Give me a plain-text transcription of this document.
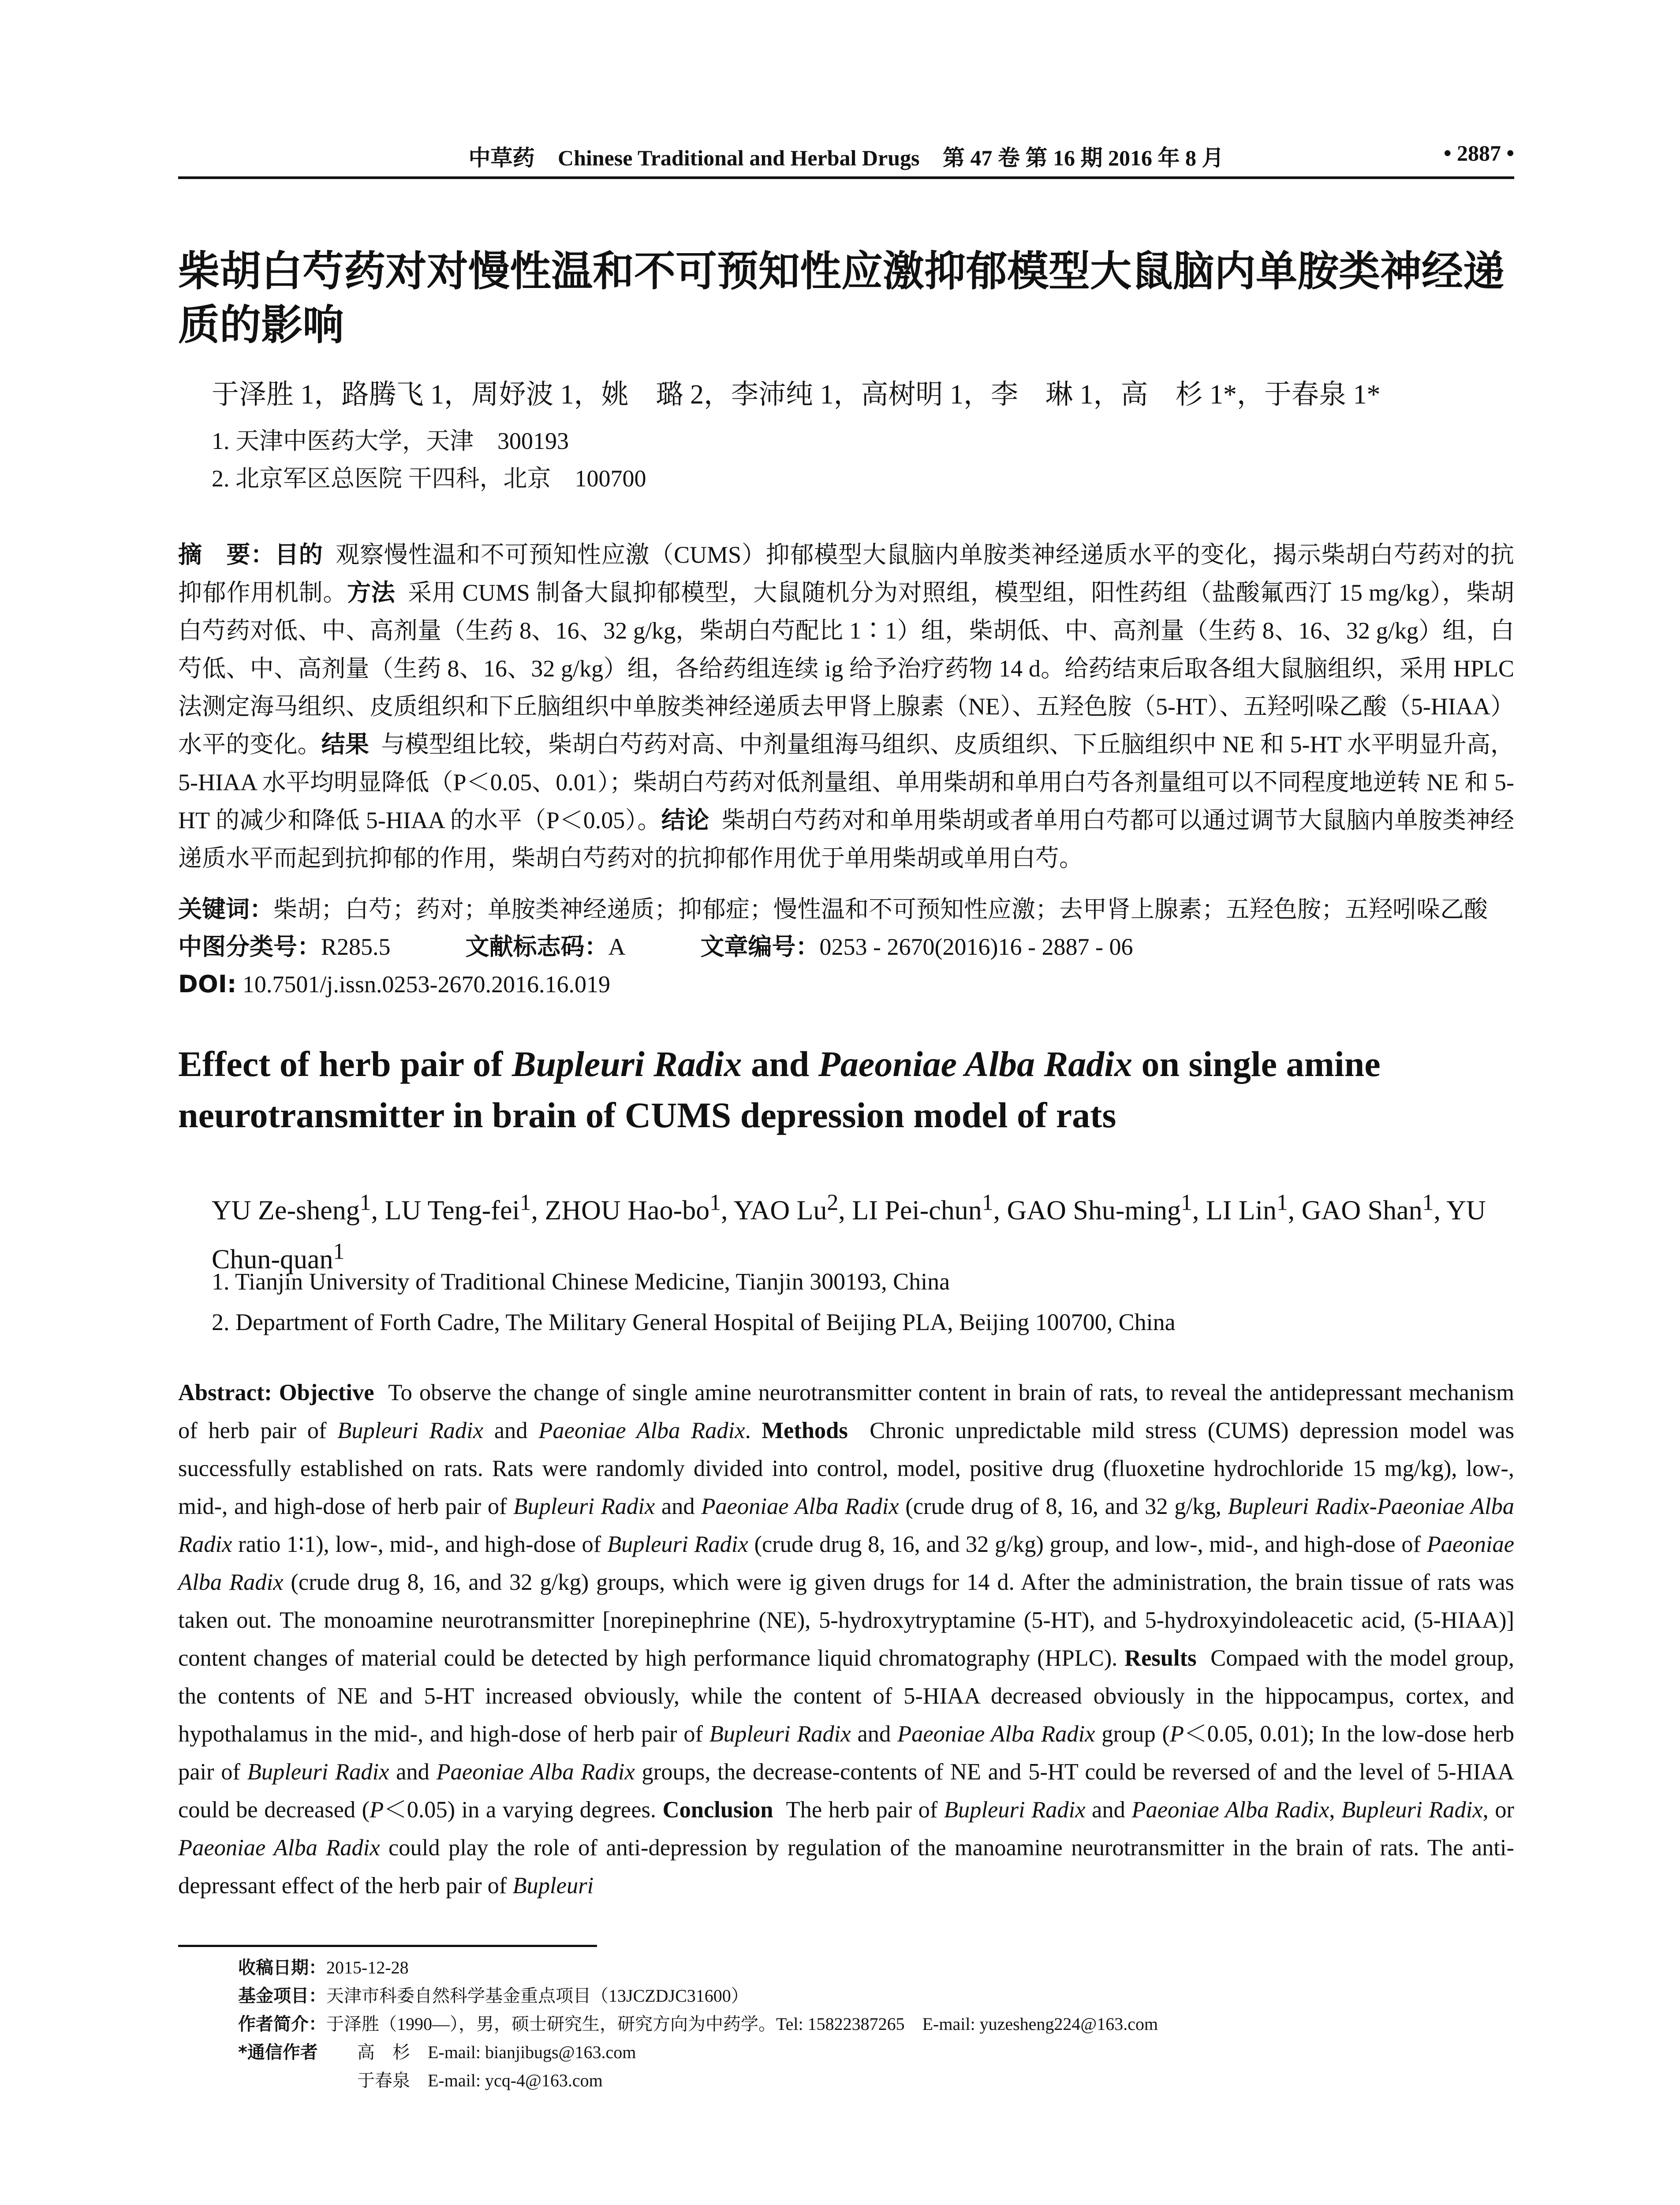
中草药 Chinese Traditional and Herbal Drugs 第 47 卷 第 16 期 2016 年 8 月	• 2887 •
柴胡白芍药对对慢性温和不可预知性应激抑郁模型大鼠脑内单胺类神经递质的影响
于泽胜 1，路腾飞 1，周妤波 1，姚　璐 2，李沛纯 1，高树明 1，李　琳 1，高　杉 1*，于春泉 1*
1. 天津中医药大学，天津　300193
2. 北京军区总医院 干四科，北京　100700
摘　要：目的 观察慢性温和不可预知性应激（CUMS）抑郁模型大鼠脑内单胺类神经递质水平的变化，揭示柴胡白芍药对的抗抑郁作用机制。方法 采用 CUMS 制备大鼠抑郁模型，大鼠随机分为对照组，模型组，阳性药组（盐酸氟西汀 15 mg/kg），柴胡白芍药对低、中、高剂量（生药 8、16、32 g/kg，柴胡白芍配比 1∶1）组，柴胡低、中、高剂量（生药 8、16、32 g/kg）组，白芍低、中、高剂量（生药 8、16、32 g/kg）组，各给药组连续 ig 给予治疗药物 14 d。给药结束后取各组大鼠脑组织，采用 HPLC 法测定海马组织、皮质组织和下丘脑组织中单胺类神经递质去甲肾上腺素（NE）、五羟色胺（5-HT）、五羟吲哚乙酸（5-HIAA）水平的变化。结果 与模型组比较，柴胡白芍药对高、中剂量组海马组织、皮质组织、下丘脑组织中 NE 和 5-HT 水平明显升高，5-HIAA 水平均明显降低（P＜0.05、0.01）；柴胡白芍药对低剂量组、单用柴胡和单用白芍各剂量组可以不同程度地逆转 NE 和 5-HT 的减少和降低 5-HIAA 的水平（P＜0.05）。结论 柴胡白芍药对和单用柴胡或者单用白芍都可以通过调节大鼠脑内单胺类神经递质水平而起到抗抑郁的作用，柴胡白芍药对的抗抑郁作用优于单用柴胡或单用白芍。
关键词：柴胡；白芍；药对；单胺类神经递质；抑郁症；慢性温和不可预知性应激；去甲肾上腺素；五羟色胺；五羟吲哚乙酸
中图分类号：R285.5	文献标志码：A	文章编号：0253 - 2670(2016)16 - 2887 - 06
DOI: 10.7501/j.issn.0253-2670.2016.16.019
Effect of herb pair of Bupleuri Radix and Paeoniae Alba Radix on single amine neurotransmitter in brain of CUMS depression model of rats
YU Ze-sheng$^1$, LU Teng-fei$^1$, ZHOU Hao-$bo^1$, YAO Lu$^2$, LI Pei-chun$^1$, GAO Shu-ming$^1$, LI Lin$^1$, GAO Shan$^1$, YU Chun-quan$^1$
1. Tianjin University of Traditional Chinese Medicine, Tianjin 300193, China
2. Department of Forth Cadre, The Military General Hospital of Beijing PLA, Beijing 100700, China
Abstract: Objective To observe the change of single amine neurotransmitter content in brain of rats, to reveal the antidepressant mechanism of herb pair of Bupleuri Radix and Paeoniae Alba Radix. Methods Chronic unpredictable mild stress (CUMS) depression model was successfully established on rats. Rats were randomly divided into control, model, positive drug (fluoxetine hydrochloride 15 mg/kg), low-, mid-, and high-dose of herb pair of Bupleuri Radix and Paeoniae Alba Radix (crude drug of 8, 16, and 32 g/kg, Bupleuri Radix-Paeoniae Alba Radix ratio 1∶1), low-, mid-, and high-dose of Bupleuri Radix (crude drug 8, 16, and 32 g/kg) group, and low-, mid-, and high-dose of Paeoniae Alba Radix (crude drug 8, 16, and 32 g/kg) groups, which were ig given drugs for 14 d. After the administration, the brain tissue of rats was taken out. The monoamine neurotransmitter [norepinephrine (NE), 5-hydroxytryptamine (5-HT), and 5-hydroxyindoleacetic acid, (5-HIAA)] content changes of material could be detected by high performance liquid chromatography (HPLC). Results Compaed with the model group, the contents of NE and 5-HT increased obviously, while the content of 5-HIAA decreased obviously in the hippocampus, cortex, and hypothalamus in the mid-, and high-dose of herb pair of Bupleuri Radix and Paeoniae Alba Radix group (P＜0.05, 0.01); In the low-dose herb pair of Bupleuri Radix and Paeoniae Alba Radix groups, the decrease-contents of NE and 5-HT could be reversed of and the level of 5-HIAA could be decreased (P＜0.05) in a varying degrees. Conclusion The herb pair of Bupleuri Radix and Paeoniae Alba Radix, Bupleuri Radix, or Paeoniae Alba Radix could play the role of anti-depression by regulation of the manoamine neurotransmitter in the brain of rats. The anti-depressant effect of the herb pair of Bupleuri
收稿日期：2015-12-28
基金项目：天津市科委自然科学基金重点项目（13JCZDJC31600）
作者简介：于泽胜（1990—），男，硕士研究生，研究方向为中药学。Tel: 15822387265　E-mail: yuzesheng224@163.com
*通信作者 高　杉　E-mail: bianjibugs@163.com
于春泉　E-mail: ycq-4@163.com
